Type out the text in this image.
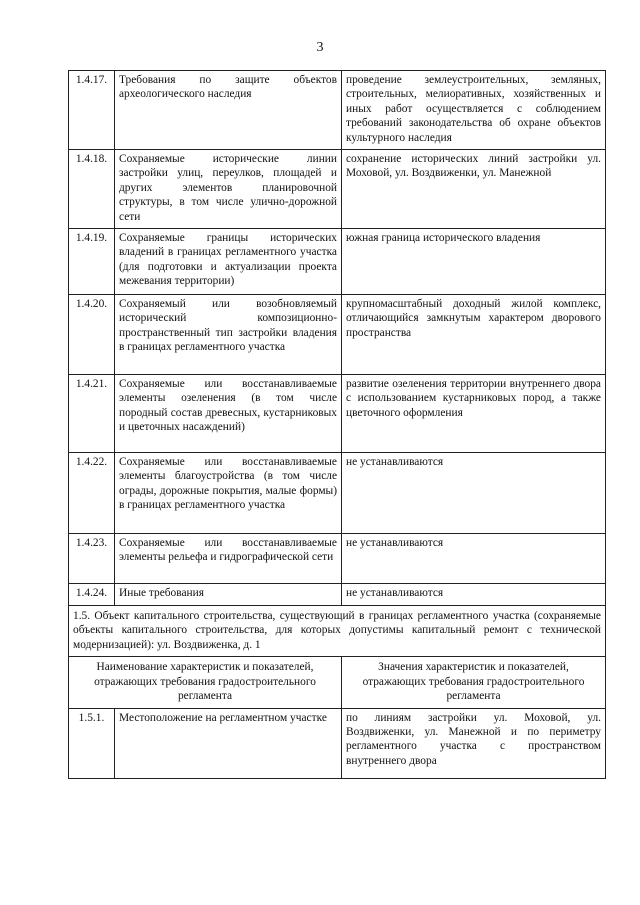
3
1.4.17.	Требования по защите объектов археологического наследия	проведение землеустроительных, земляных, строительных, мелиоративных, хозяйственных и иных работ осуществляется с соблюдением требований законодательства об охране объектов культурного наследия
1.4.18.	Сохраняемые исторические линии застройки улиц, переулков, площадей и других элементов планировочной структуры, в том числе улично-дорожной сети	сохранение исторических линий застройки ул. Моховой, ул. Воздвиженки, ул. Манежной
1.4.19.	Сохраняемые границы исторических владений в границах регламентного участка (для подготовки и актуализации проекта межевания территории)	южная граница исторического владения
1.4.20.	Сохраняемый или возобновляемый исторический композиционно-пространственный тип застройки владения в границах регламентного участка	крупномасштабный доходный жилой комплекс, отличающийся замкнутым характером дворового пространства
1.4.21.	Сохраняемые или восстанавливаемые элементы озеленения (в том числе породный состав древесных, кустарниковых и цветочных насаждений)	развитие озеленения территории внутреннего двора с использованием кустарниковых пород, а также цветочного оформления
1.4.22.	Сохраняемые или восстанавливаемые элементы благоустройства (в том числе ограды, дорожные покрытия, малые формы) в границах регламентного участка	не устанавливаются
1.4.23.	Сохраняемые или восстанавливаемые элементы рельефа и гидрографической сети	не устанавливаются
1.4.24.	Иные требования	не устанавливаются
1.5. Объект капитального строительства, существующий в границах регламентного участка (сохраняемые объекты капитального строительства, для которых допустимы капитальный ремонт с технической модернизацией): ул. Воздвиженка, д. 1		
Наименование характеристик и показателей, отражающих требования градостроительного регламента		Значения характеристик и показателей, отражающих требования градостроительного регламента
1.5.1.	Местоположение на регламентном участке	по линиям застройки ул. Моховой, ул. Воздвиженки, ул. Манежной и по периметру регламентного участка с пространством внутреннего двора
